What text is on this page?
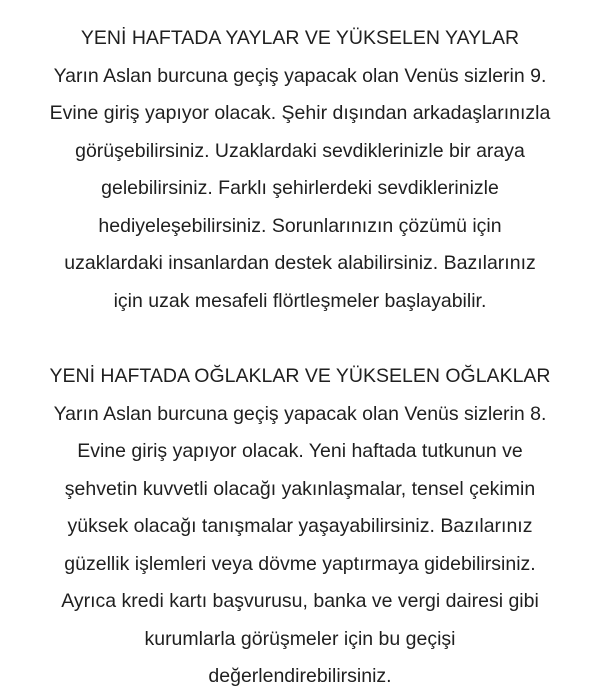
YENİ HAFTADA YAYLAR VE YÜKSELEN YAYLAR

Yarın Aslan burcuna geçiş yapacak olan Venüs sizlerin 9.
Evine giriş yapıyor olacak. Şehir dışından arkadaşlarınızla
görüşebilirsiniz. Uzaklardaki sevdiklerinizle bir araya
gelebilirsiniz. Farklı şehirlerdeki sevdiklerinizle
hediyeleşebilirsiniz. Sorunlarınızın çözümü için
uzaklardaki insanlardan destek alabilirsiniz. Bazılarınız
için uzak mesafeli flörtleşmeler başlayabilir.

YENİ HAFTADA OĞLAKLAR VE YÜKSELEN OĞLAKLAR

Yarın Aslan burcuna geçiş yapacak olan Venüs sizlerin 8.
Evine giriş yapıyor olacak. Yeni haftada tutkunun ve
şehvetin kuvvetli olacağı yakınlaşmalar, tensel çekimin
yüksek olacağı tanışmalar yaşayabilirsiniz. Bazılarınız
güzellik işlemleri veya dövme yaptırmaya gidebilirsiniz.
Ayrıca kredi kartı başvurusu, banka ve vergi dairesi gibi
kurumlarla görüşmeler için bu geçişi
değerlendirebilirsiniz.
